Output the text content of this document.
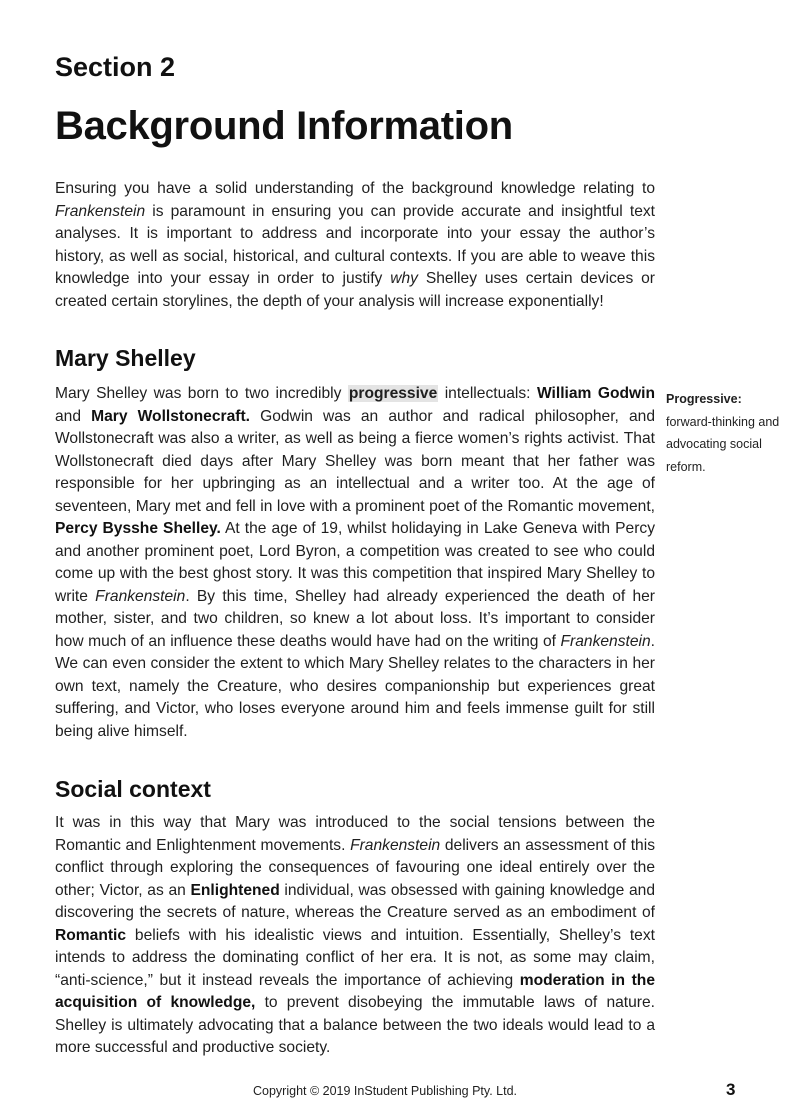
Section 2
Background Information

Ensuring you have a solid understanding of the background knowledge relating to Frankenstein is paramount in ensuring you can provide accurate and insightful text analyses. It is important to address and incorporate into your essay the author’s history, as well as social, historical, and cultural contexts. If you are able to weave this knowledge into your essay in order to justify why Shelley uses certain devices or created certain storylines, the depth of your analysis will increase exponentially!

Mary Shelley

Mary Shelley was born to two incredibly progressive intellectuals: William Godwin and Mary Wollstonecraft. Godwin was an author and radical philosopher, and Wollstonecraft was also a writer, as well as being a fierce women’s rights activist. That Wollstonecraft died days after Mary Shelley was born meant that her father was responsible for her upbringing as an intellectual and a writer too. At the age of seventeen, Mary met and fell in love with a prominent poet of the Romantic movement, Percy Bysshe Shelley. At the age of 19, whilst holidaying in Lake Geneva with Percy and another prominent poet, Lord Byron, a competition was created to see who could come up with the best ghost story. It was this competition that inspired Mary Shelley to write Frankenstein. By this time, Shelley had already experienced the death of her mother, sister, and two children, so knew a lot about loss. It’s important to consider how much of an influence these deaths would have had on the writing of Frankenstein. We can even consider the extent to which Mary Shelley relates to the characters in her own text, namely the Creature, who desires companionship but experiences great suffering, and Victor, who loses everyone around him and feels immense guilt for still being alive himself.

Progressive:
forward-thinking and advocating social reform.
Social context

It was in this way that Mary was introduced to the social tensions between the Romantic and Enlightenment movements. Frankenstein delivers an assessment of this conflict through exploring the consequences of favouring one ideal entirely over the other; Victor, as an Enlightened individual, was obsessed with gaining knowledge and discovering the secrets of nature, whereas the Creature served as an embodiment of Romantic beliefs with his idealistic views and intuition. Essentially, Shelley’s text intends to address the dominating conflict of her era. It is not, as some may claim, “anti-science,” but it instead reveals the importance of achieving moderation in the acquisition of knowledge, to prevent disobeying the immutable laws of nature. Shelley is ultimately advocating that a balance between the two ideals would lead to a more successful and productive society.

Copyright © 2019 InStudent Publishing Pty. Ltd.	3
